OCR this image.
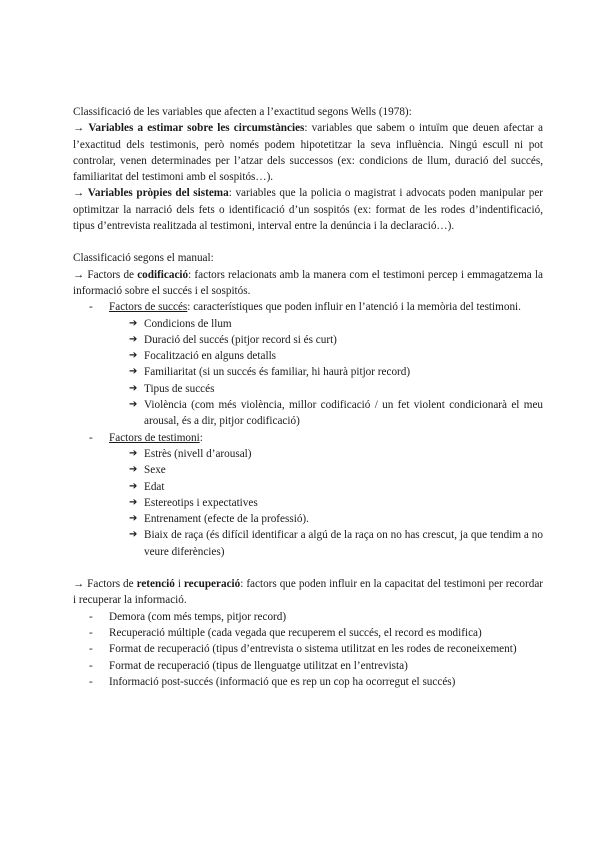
Classificació de les variables que afecten a l’exactitud segons Wells (1978):

→ Variables a estimar sobre les circumstàncies: variables que sabem o intuïm que deuen afectar a l’exactitud dels testimonis, però només podem hipotetitzar la seva influència. Ningú escull ni pot controlar, venen determinades per l’atzar dels successos (ex: condicions de llum, duració del succés, familiaritat del testimoni amb el sospitós…).

→ Variables pròpies del sistema: variables que la policia o magistrat i advocats poden manipular per optimitzar la narració dels fets o identificació d’un sospitós (ex: format de les rodes d’indentificació, tipus d’entrevista realitzada al testimoni, interval entre la denúncia i la declaració…).

Classificació segons el manual:

→ Factors de codificació: factors relacionats amb la manera com el testimoni percep i emmagatzema la informació sobre el succés i el sospitós.

- Factors de succés: característiques que poden influir en l’atenció i la memòria del testimoni.
➔ Condicions de llum
➔ Duració del succés (pitjor record si és curt)
➔ Focalització en alguns detalls
➔ Familiaritat (si un succés és familiar, hi haurà pitjor record)
➔ Tipus de succés
➔ Violència (com més violència, millor codificació / un fet violent condicionarà el meu arousal, és a dir, pitjor codificació)
- Factors de testimoni:
➔ Estrès (nivell d’arousal)
➔ Sexe
➔ Edat
➔ Estereotips i expectatives
➔ Entrenament (efecte de la professió).
➔ Biaix de raça (és difícil identificar a algú de la raça on no has crescut, ja que tendim a no veure diferències)

→ Factors de retenció i recuperació: factors que poden influir en la capacitat del testimoni per recordar i recuperar la informació.

- Demora (com més temps, pitjor record)
- Recuperació múltiple (cada vegada que recuperem el succés, el record es modifica)
- Format de recuperació (tipus d’entrevista o sistema utilitzat en les rodes de reconeixement)
- Format de recuperació (tipus de llenguatge utilitzat en l’entrevista)
- Informació post-succés (informació que es rep un cop ha ocorregut el succés)
